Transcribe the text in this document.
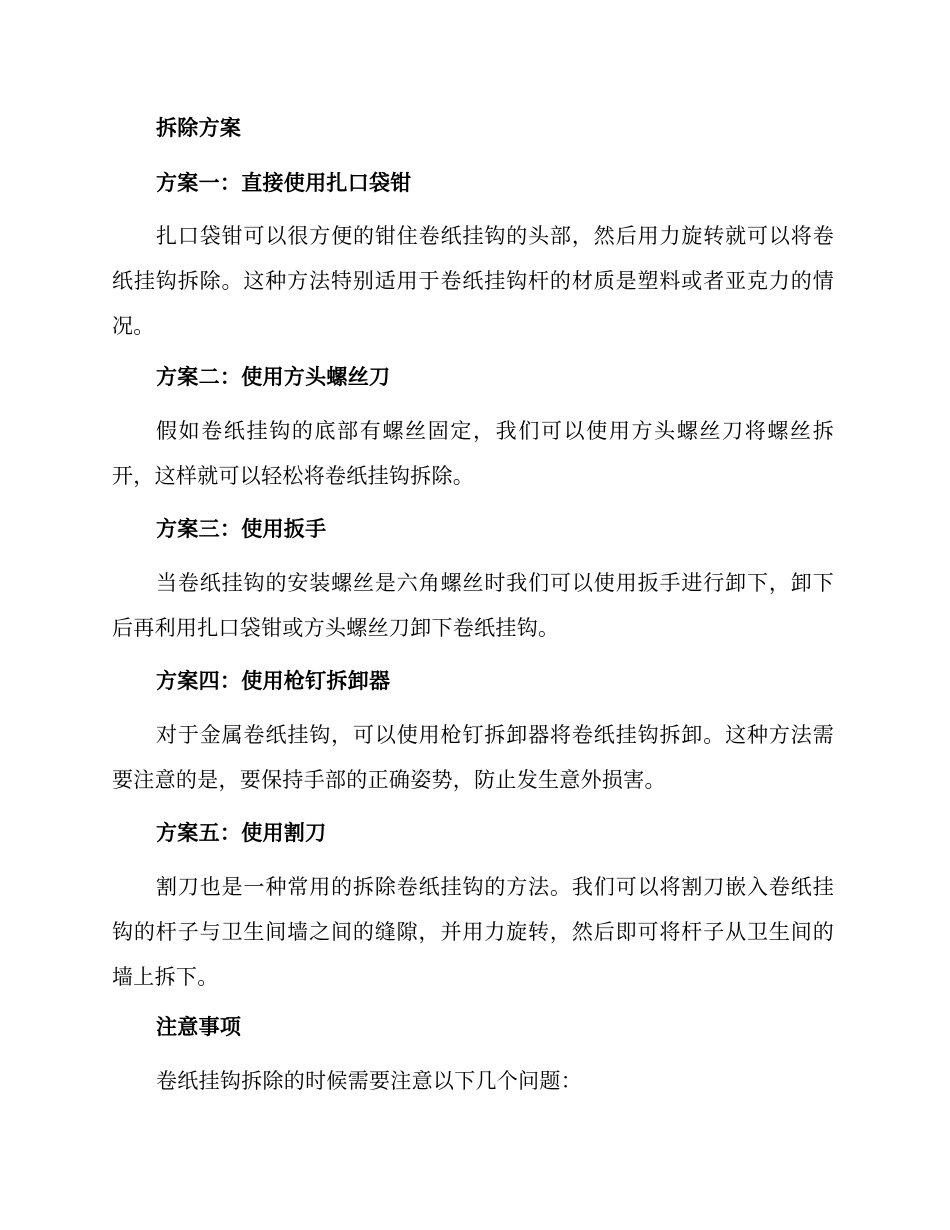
拆除方案

方案一：直接使用扎口袋钳

扎口袋钳可以很方便的钳住卷纸挂钩的头部，然后用力旋转就可以将卷纸挂钩拆除。这种方法特别适用于卷纸挂钩杆的材质是塑料或者亚克力的情况。

方案二：使用方头螺丝刀

假如卷纸挂钩的底部有螺丝固定，我们可以使用方头螺丝刀将螺丝拆开，这样就可以轻松将卷纸挂钩拆除。

方案三：使用扳手

当卷纸挂钩的安装螺丝是六角螺丝时我们可以使用扳手进行卸下，卸下后再利用扎口袋钳或方头螺丝刀卸下卷纸挂钩。

方案四：使用枪钉拆卸器

对于金属卷纸挂钩，可以使用枪钉拆卸器将卷纸挂钩拆卸。这种方法需要注意的是，要保持手部的正确姿势，防止发生意外损害。

方案五：使用割刀

割刀也是一种常用的拆除卷纸挂钩的方法。我们可以将割刀嵌入卷纸挂钩的杆子与卫生间墙之间的缝隙，并用力旋转，然后即可将杆子从卫生间的墙上拆下。

注意事项

卷纸挂钩拆除的时候需要注意以下几个问题：
